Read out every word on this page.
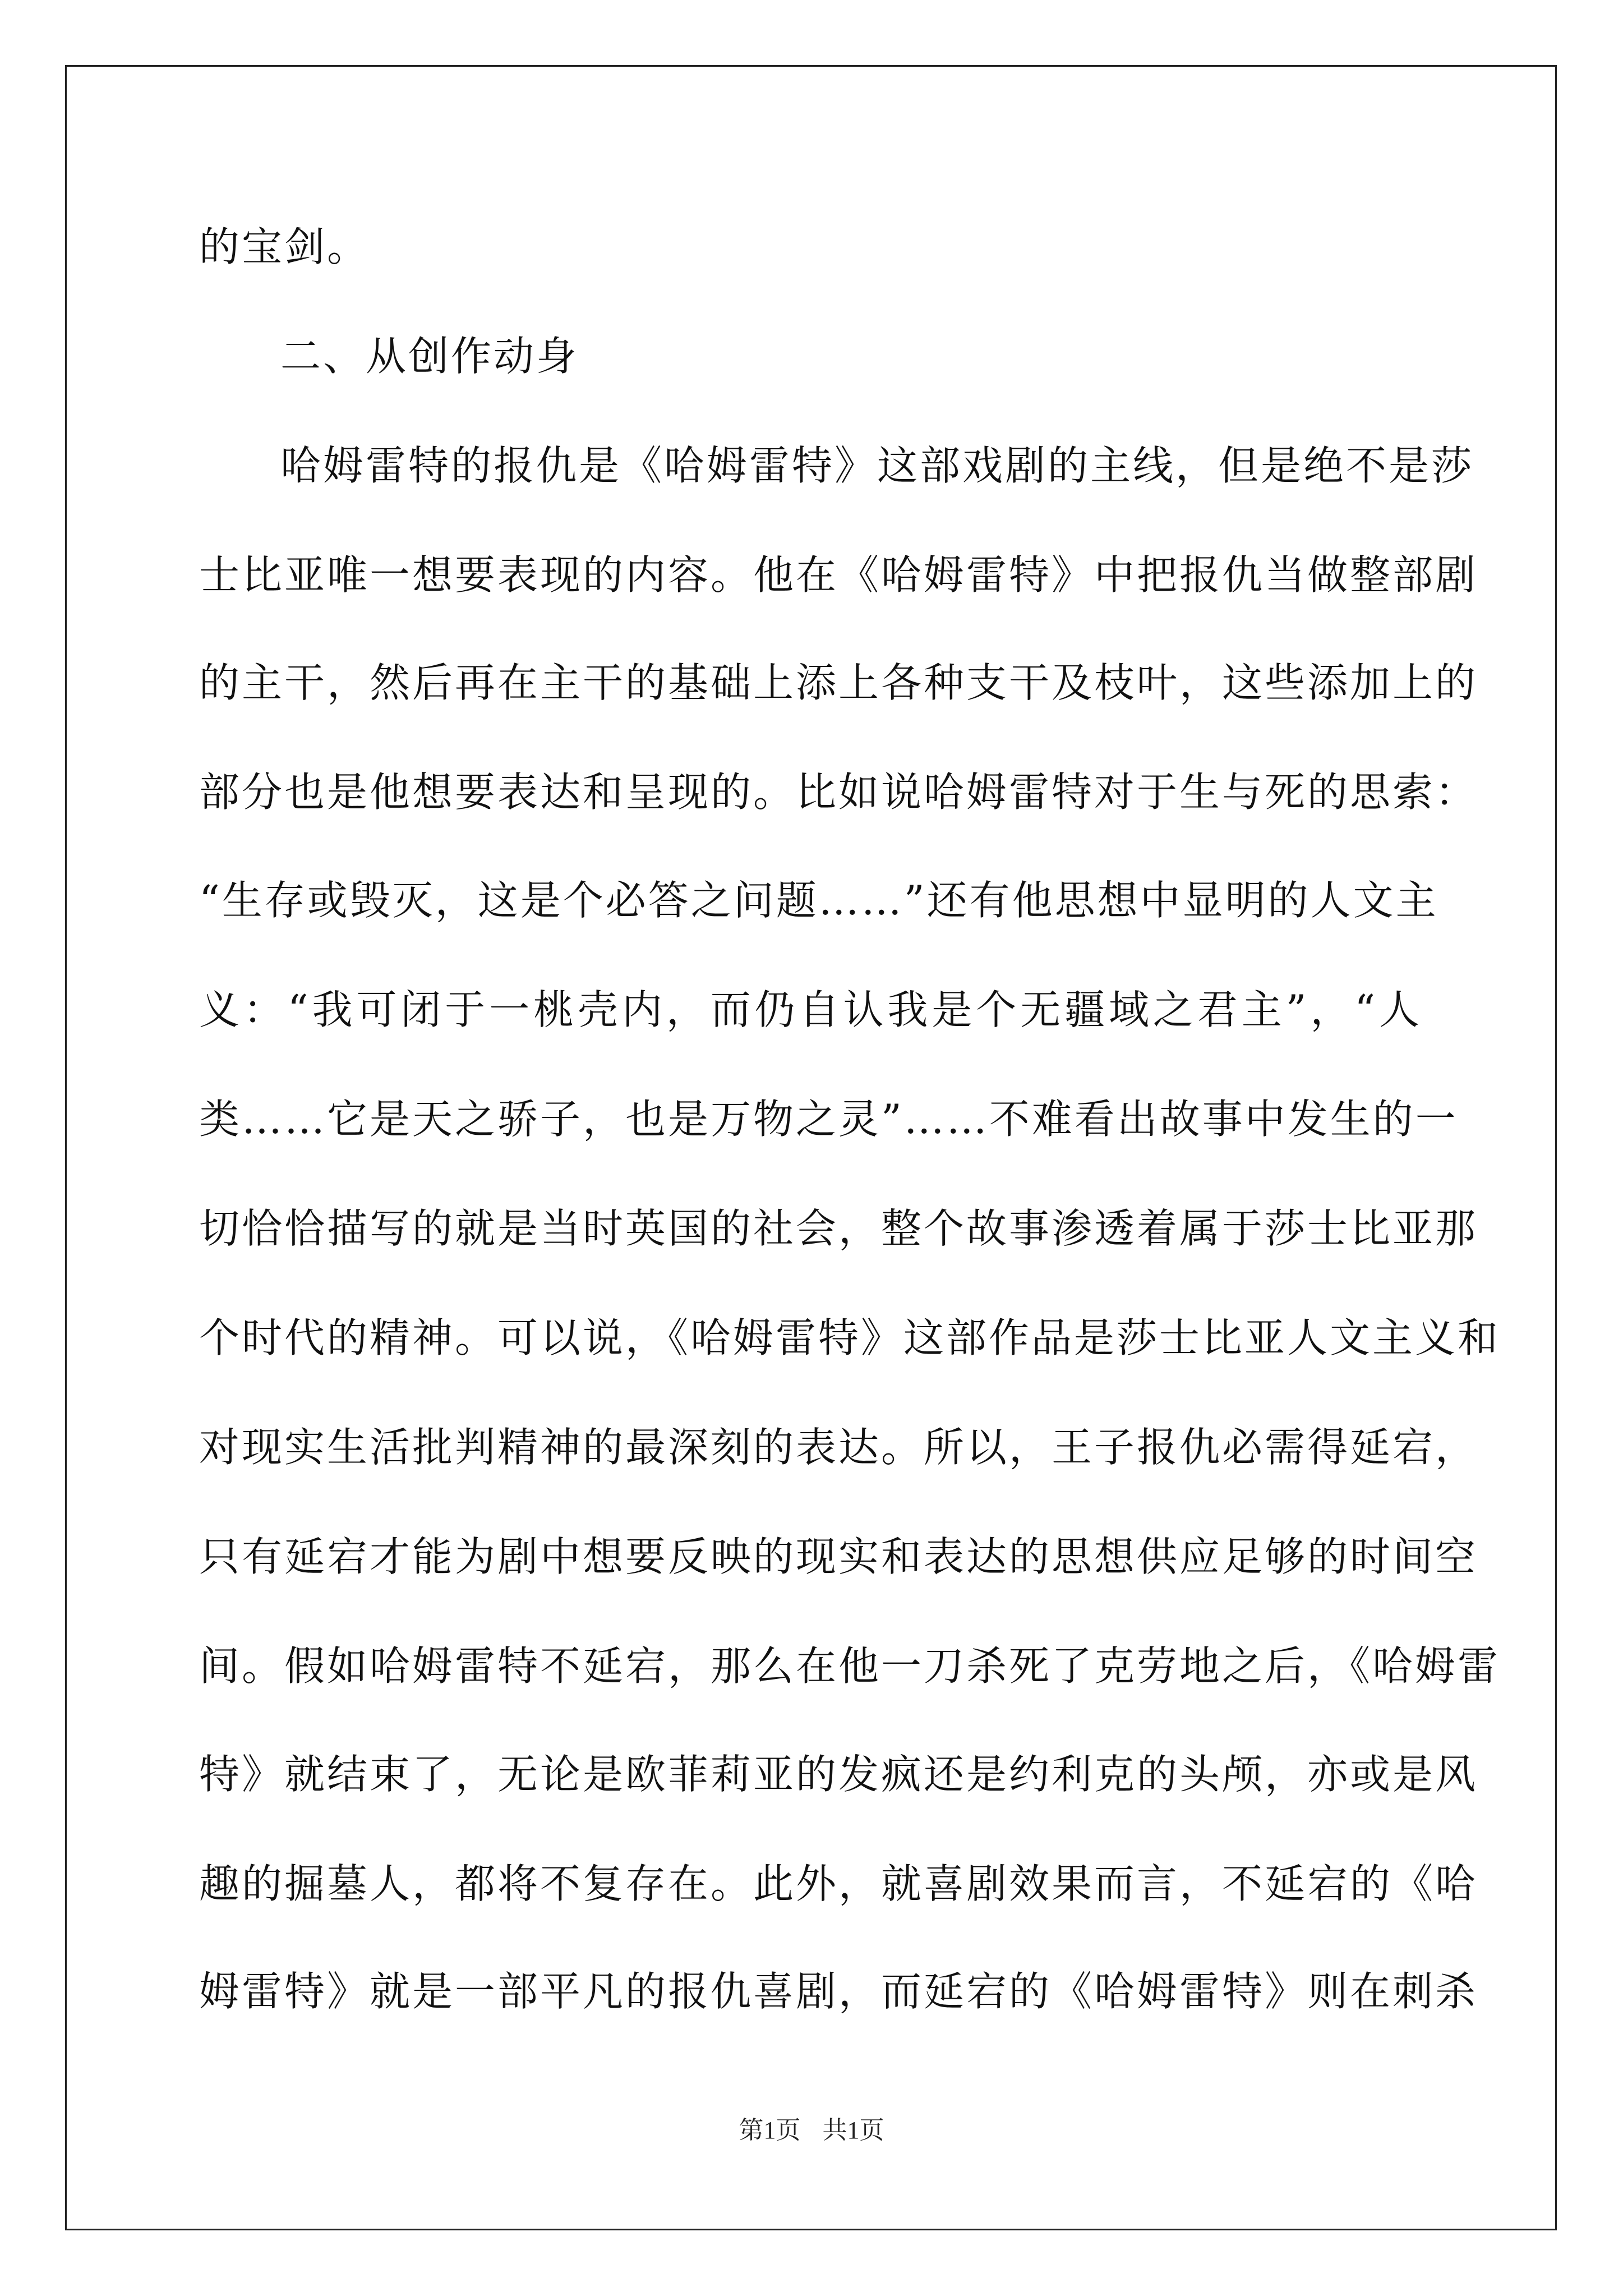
的宝剑。
二、从创作动身
哈姆雷特的报仇是《哈姆雷特》这部戏剧的主线，但是绝不是莎
士比亚唯一想要表现的内容。他在《哈姆雷特》中把报仇当做整部剧
的主干，然后再在主干的基础上添上各种支干及枝叶，这些添加上的
部分也是他想要表达和呈现的。比如说哈姆雷特对于生与死的思索：
“生存或毁灭，这是个必答之问题……”还有他思想中显明的人文主
义：“我可闭于一桃壳内，而仍自认我是个无疆域之君主”，“人
类……它是天之骄子，也是万物之灵”……不难看出故事中发生的一
切恰恰描写的就是当时英国的社会，整个故事渗透着属于莎士比亚那
个时代的精神。可以说，《哈姆雷特》这部作品是莎士比亚人文主义和
对现实生活批判精神的最深刻的表达。所以，王子报仇必需得延宕，
只有延宕才能为剧中想要反映的现实和表达的思想供应足够的时间空
间。假如哈姆雷特不延宕，那么在他一刀杀死了克劳地之后，《哈姆雷
特》就结束了，无论是欧菲莉亚的发疯还是约利克的头颅，亦或是风
趣的掘墓人，都将不复存在。此外，就喜剧效果而言，不延宕的《哈
姆雷特》就是一部平凡的报仇喜剧，而延宕的《哈姆雷特》则在刺杀
第1页 共1页
